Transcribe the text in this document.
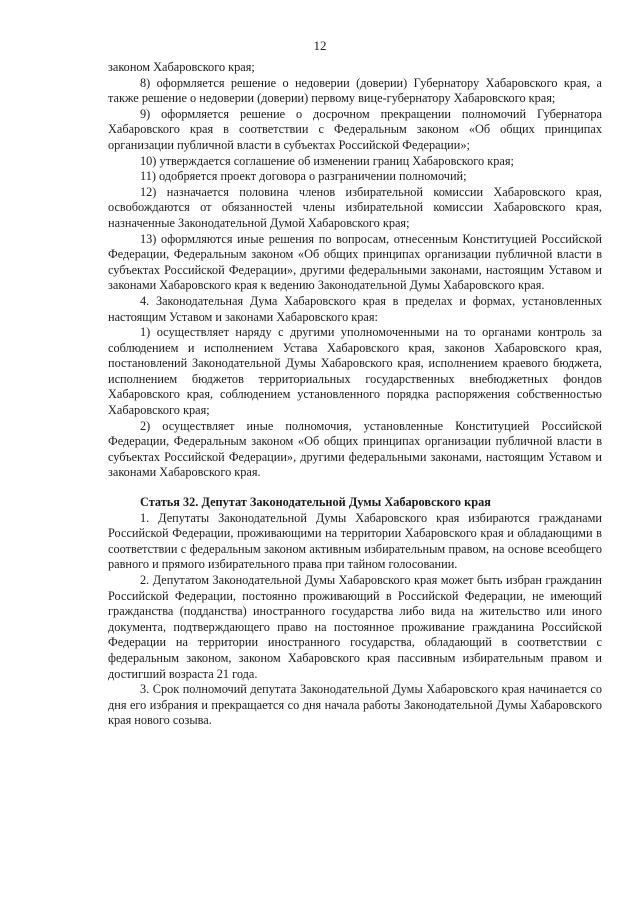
12

законом Хабаровского края;

8) оформляется решение о недоверии (доверии) Губернатору Хабаровского края, а также решение о недоверии (доверии) первому вице-губернатору Хабаровского края;

9) оформляется решение о досрочном прекращении полномочий Губернатора Хабаровского края в соответствии с Федеральным законом «Об общих принципах организации публичной власти в субъектах Российской Федерации»;

10) утверждается соглашение об изменении границ Хабаровского края;

11) одобряется проект договора о разграничении полномочий;

12) назначается половина членов избирательной комиссии Хабаровского края, освобождаются от обязанностей члены избирательной комиссии Хабаровского края, назначенные Законодательной Думой Хабаровского края;

13) оформляются иные решения по вопросам, отнесенным Конституцией Российской Федерации, Федеральным законом «Об общих принципах организации публичной власти в субъектах Российской Федерации», другими федеральными законами, настоящим Уставом и законами Хабаровского края к ведению Законодательной Думы Хабаровского края.

4. Законодательная Дума Хабаровского края в пределах и формах, установленных настоящим Уставом и законами Хабаровского края:

1) осуществляет наряду с другими уполномоченными на то органами контроль за соблюдением и исполнением Устава Хабаровского края, законов Хабаровского края, постановлений Законодательной Думы Хабаровского края, исполнением краевого бюджета, исполнением бюджетов территориальных государственных внебюджетных фондов Хабаровского края, соблюдением установленного порядка распоряжения собственностью Хабаровского края;

2) осуществляет иные полномочия, установленные Конституцией Российской Федерации, Федеральным законом «Об общих принципах организации публичной власти в субъектах Российской Федерации», другими федеральными законами, настоящим Уставом и законами Хабаровского края.

Статья 32. Депутат Законодательной Думы Хабаровского края

1. Депутаты Законодательной Думы Хабаровского края избираются гражданами Российской Федерации, проживающими на территории Хабаровского края и обладающими в соответствии с федеральным законом активным избирательным правом, на основе всеобщего равного и прямого избирательного права при тайном голосовании.

2. Депутатом Законодательной Думы Хабаровского края может быть избран гражданин Российской Федерации, постоянно проживающий в Российской Федерации, не имеющий гражданства (подданства) иностранного государства либо вида на жительство или иного документа, подтверждающего право на постоянное проживание гражданина Российской Федерации на территории иностранного государства, обладающий в соответствии с федеральным законом, законом Хабаровского края пассивным избирательным правом и достигший возраста 21 года.

3. Срок полномочий депутата Законодательной Думы Хабаровского края начинается со дня его избрания и прекращается со дня начала работы Законодательной Думы Хабаровского края нового созыва.
